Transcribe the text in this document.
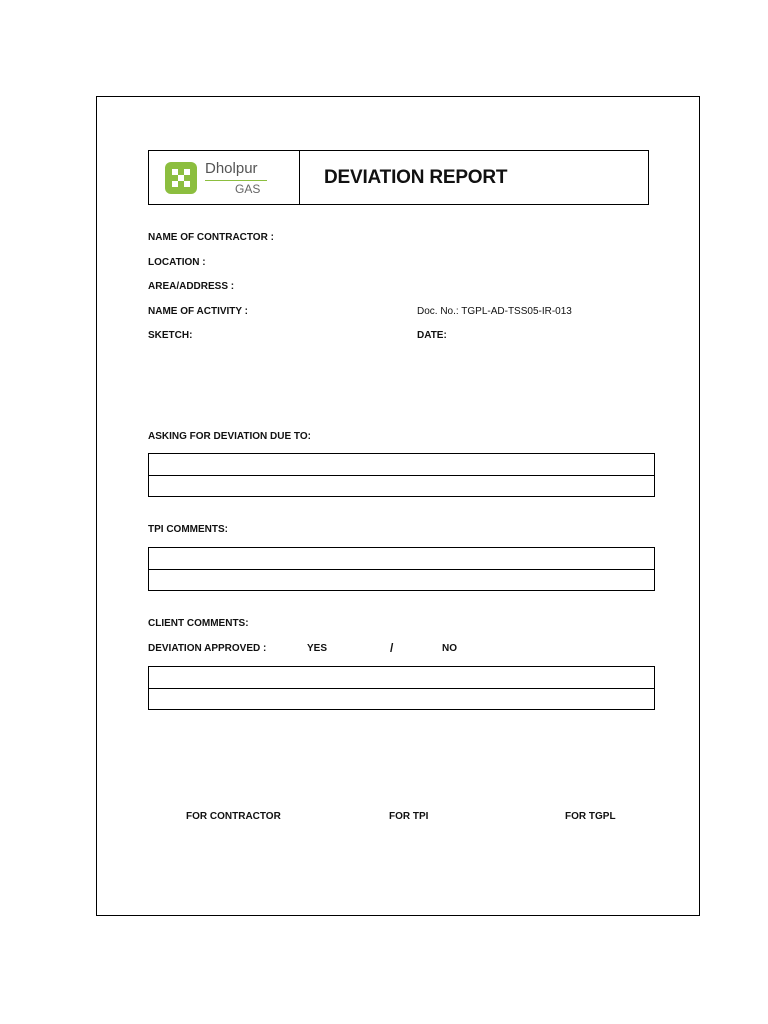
Dholpur
GAS
DEVIATION REPORT
NAME OF CONTRACTOR :
LOCATION :
AREA/ADDRESS :
NAME OF ACTIVITY :	Doc. No.: TGPL-AD-TSS05-IR-013
SKETCH:	DATE:
ASKING FOR DEVIATION DUE TO:
TPI COMMENTS:
CLIENT COMMENTS:
DEVIATION APPROVED :	YES	/	NO
FOR CONTRACTOR	FOR TPI	FOR TGPL
